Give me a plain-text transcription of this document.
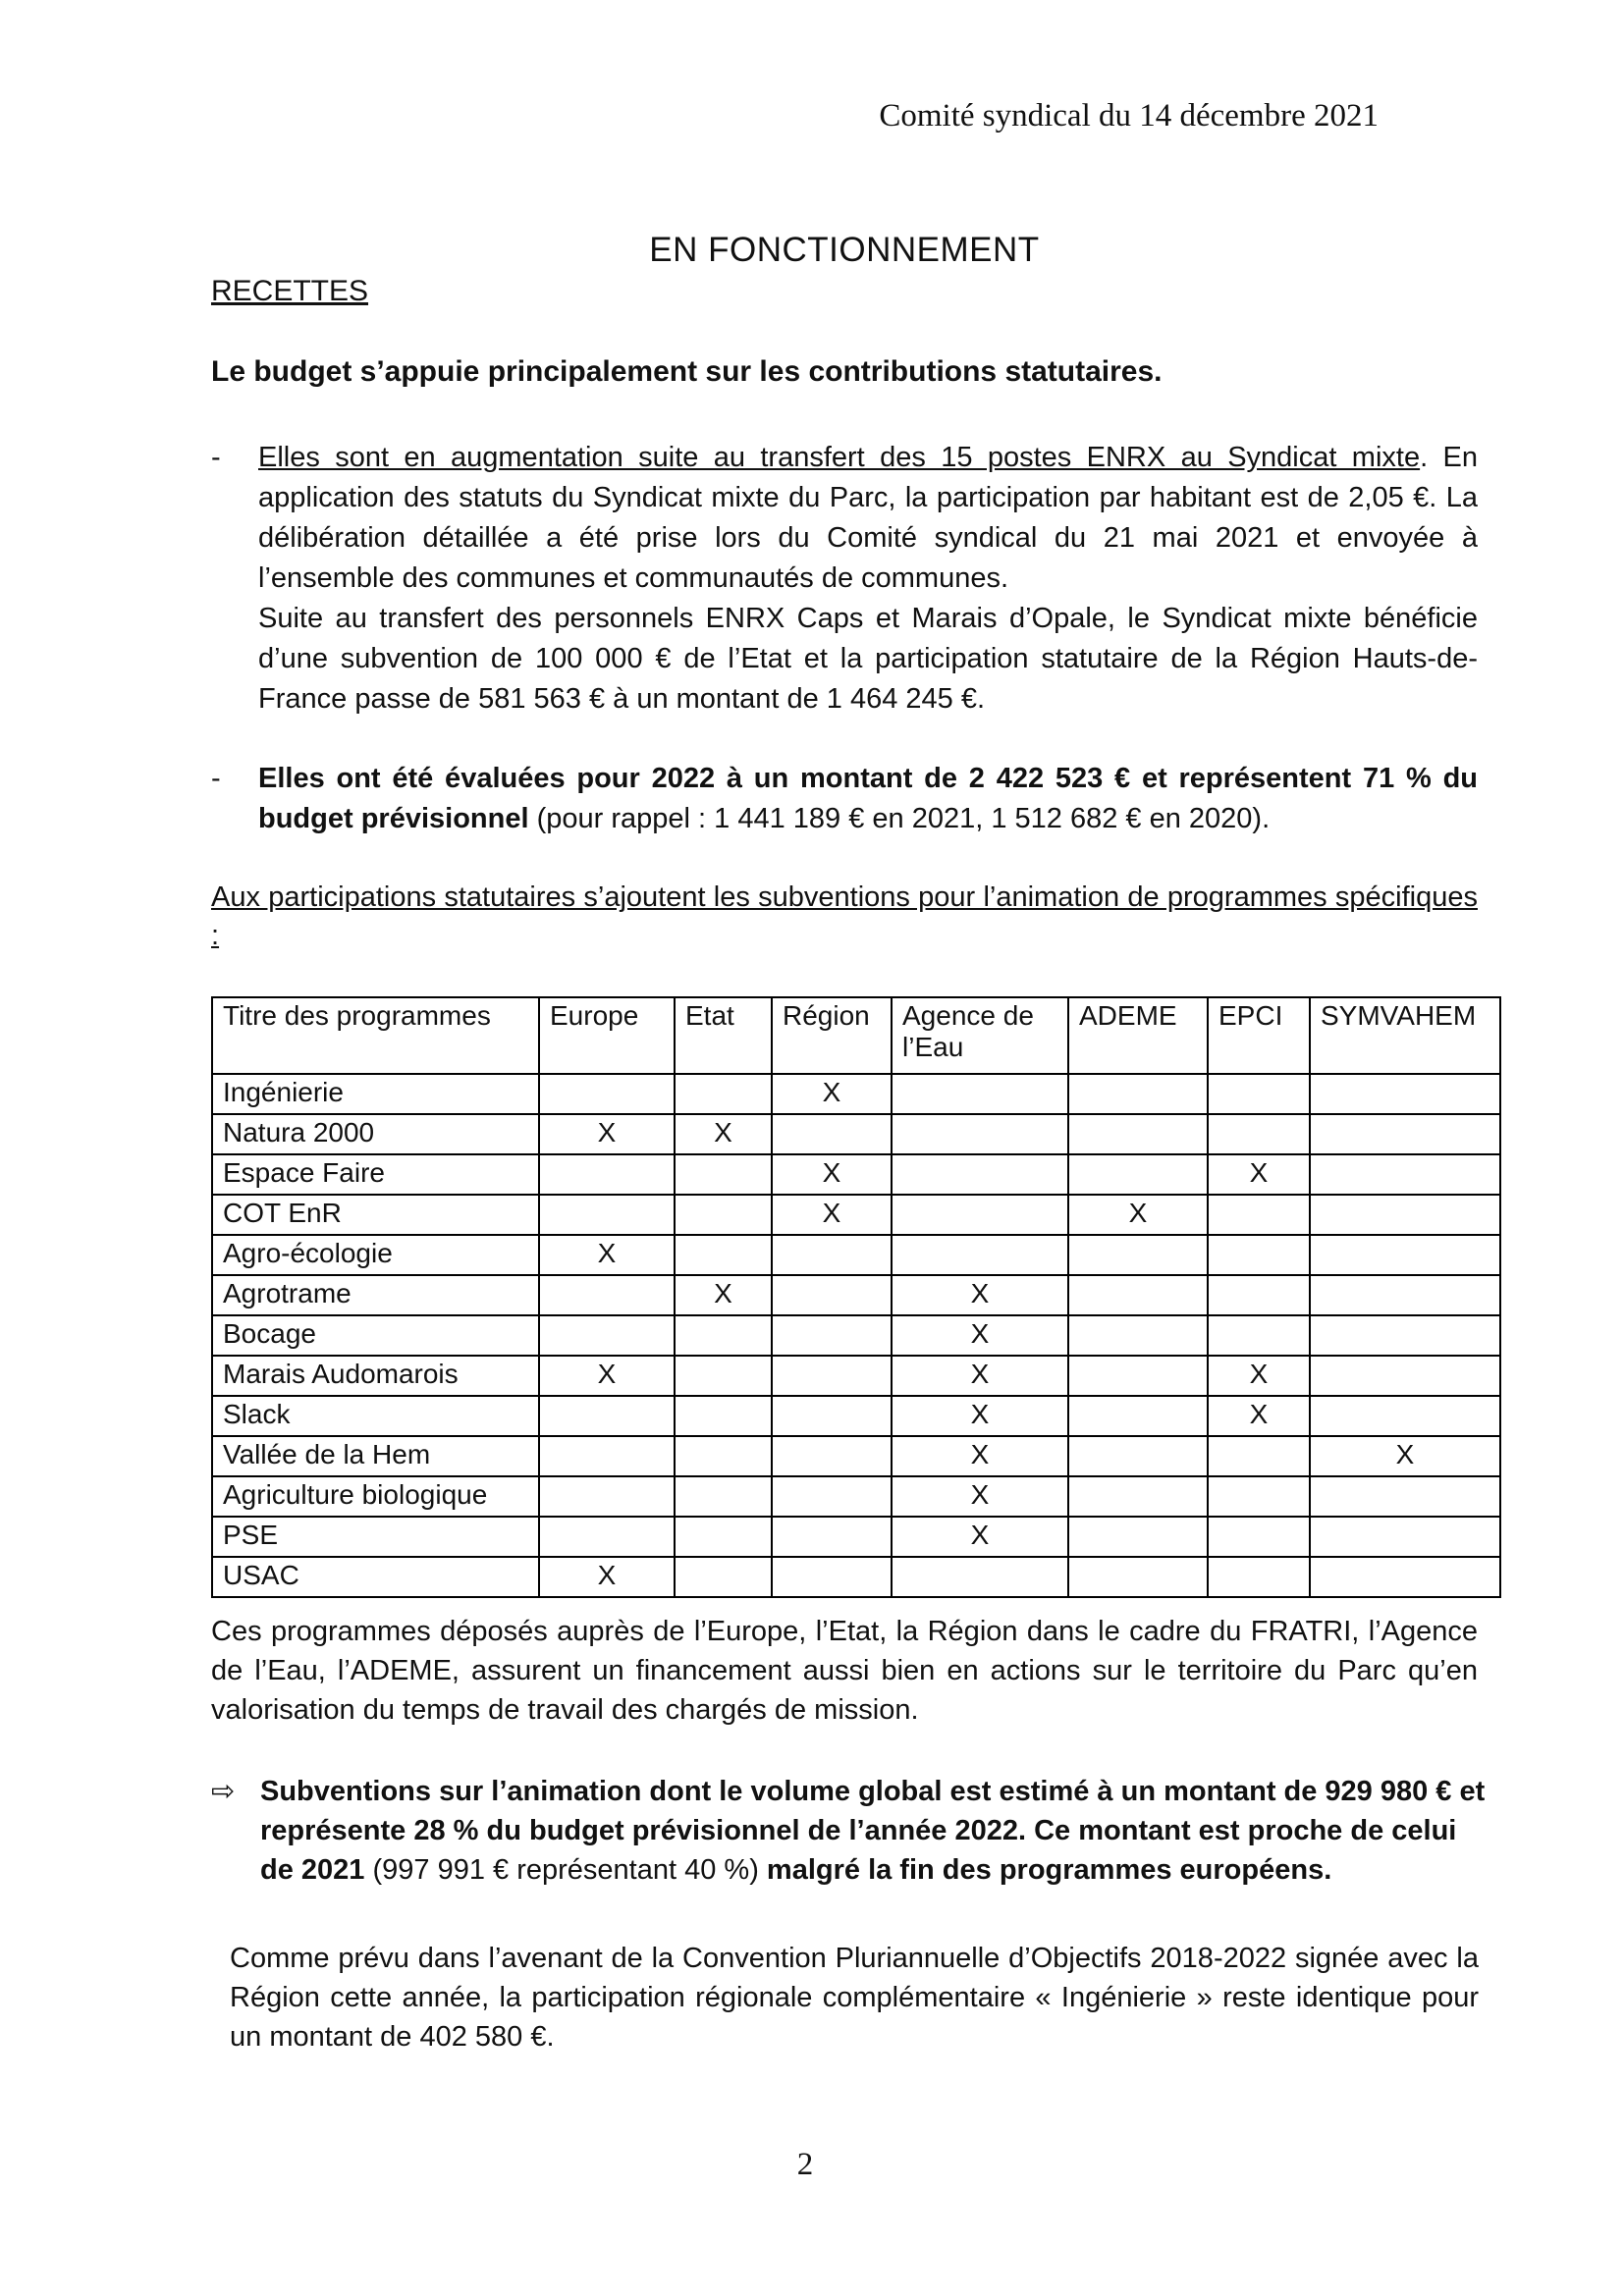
Comité syndical du 14 décembre 2021
EN FONCTIONNEMENT
RECETTES
Le budget s’appuie principalement sur les contributions statutaires.
- Elles sont en augmentation suite au transfert des 15 postes ENRX au Syndicat mixte. En application des statuts du Syndicat mixte du Parc, la participation par habitant est de 2,05 €. La délibération détaillée a été prise lors du Comité syndical du 21 mai 2021 et envoyée à l’ensemble des communes et communautés de communes.

Suite au transfert des personnels ENRX Caps et Marais d’Opale, le Syndicat mixte bénéficie d’une subvention de 100 000 € de l’Etat et la participation statutaire de la Région Hauts-de-France passe de 581 563 € à un montant de 1 464 245 €.

- Elles ont été évaluées pour 2022 à un montant de 2 422 523 € et représentent 71 % du budget prévisionnel (pour rappel : 1 441 189 € en 2021, 1 512 682 € en 2020).
Aux participations statutaires s’ajoutent les subventions pour l’animation de programmes spécifiques :
Titre des programmes	Europe	Etat	Région	Agence de l’Eau	ADEME	EPCI	SYMVAHEM
Ingénierie			X				
Natura 2000	X	X					
Espace Faire			X			X	
COT EnR			X		X		
Agro-écologie	X						
Agrotrame		X		X			
Bocage				X			
Marais Audomarois	X			X		X	
Slack				X		X	
Vallée de la Hem				X			X
Agriculture biologique				X			
PSE				X			
USAC	X						
Ces programmes déposés auprès de l’Europe, l’Etat, la Région dans le cadre du FRATRI, l’Agence de l’Eau, l’ADEME, assurent un financement aussi bien en actions sur le territoire du Parc qu’en valorisation du temps de travail des chargés de mission.
⇨ Subventions sur l’animation dont le volume global est estimé à un montant de 929 980 € et représente 28 % du budget prévisionnel de l’année 2022. Ce montant est proche de celui de 2021 (997 991 € représentant 40 %) malgré la fin des programmes européens.
Comme prévu dans l’avenant de la Convention Pluriannuelle d’Objectifs 2018-2022 signée avec la Région cette année, la participation régionale complémentaire « Ingénierie » reste identique pour un montant de 402 580 €.
2
